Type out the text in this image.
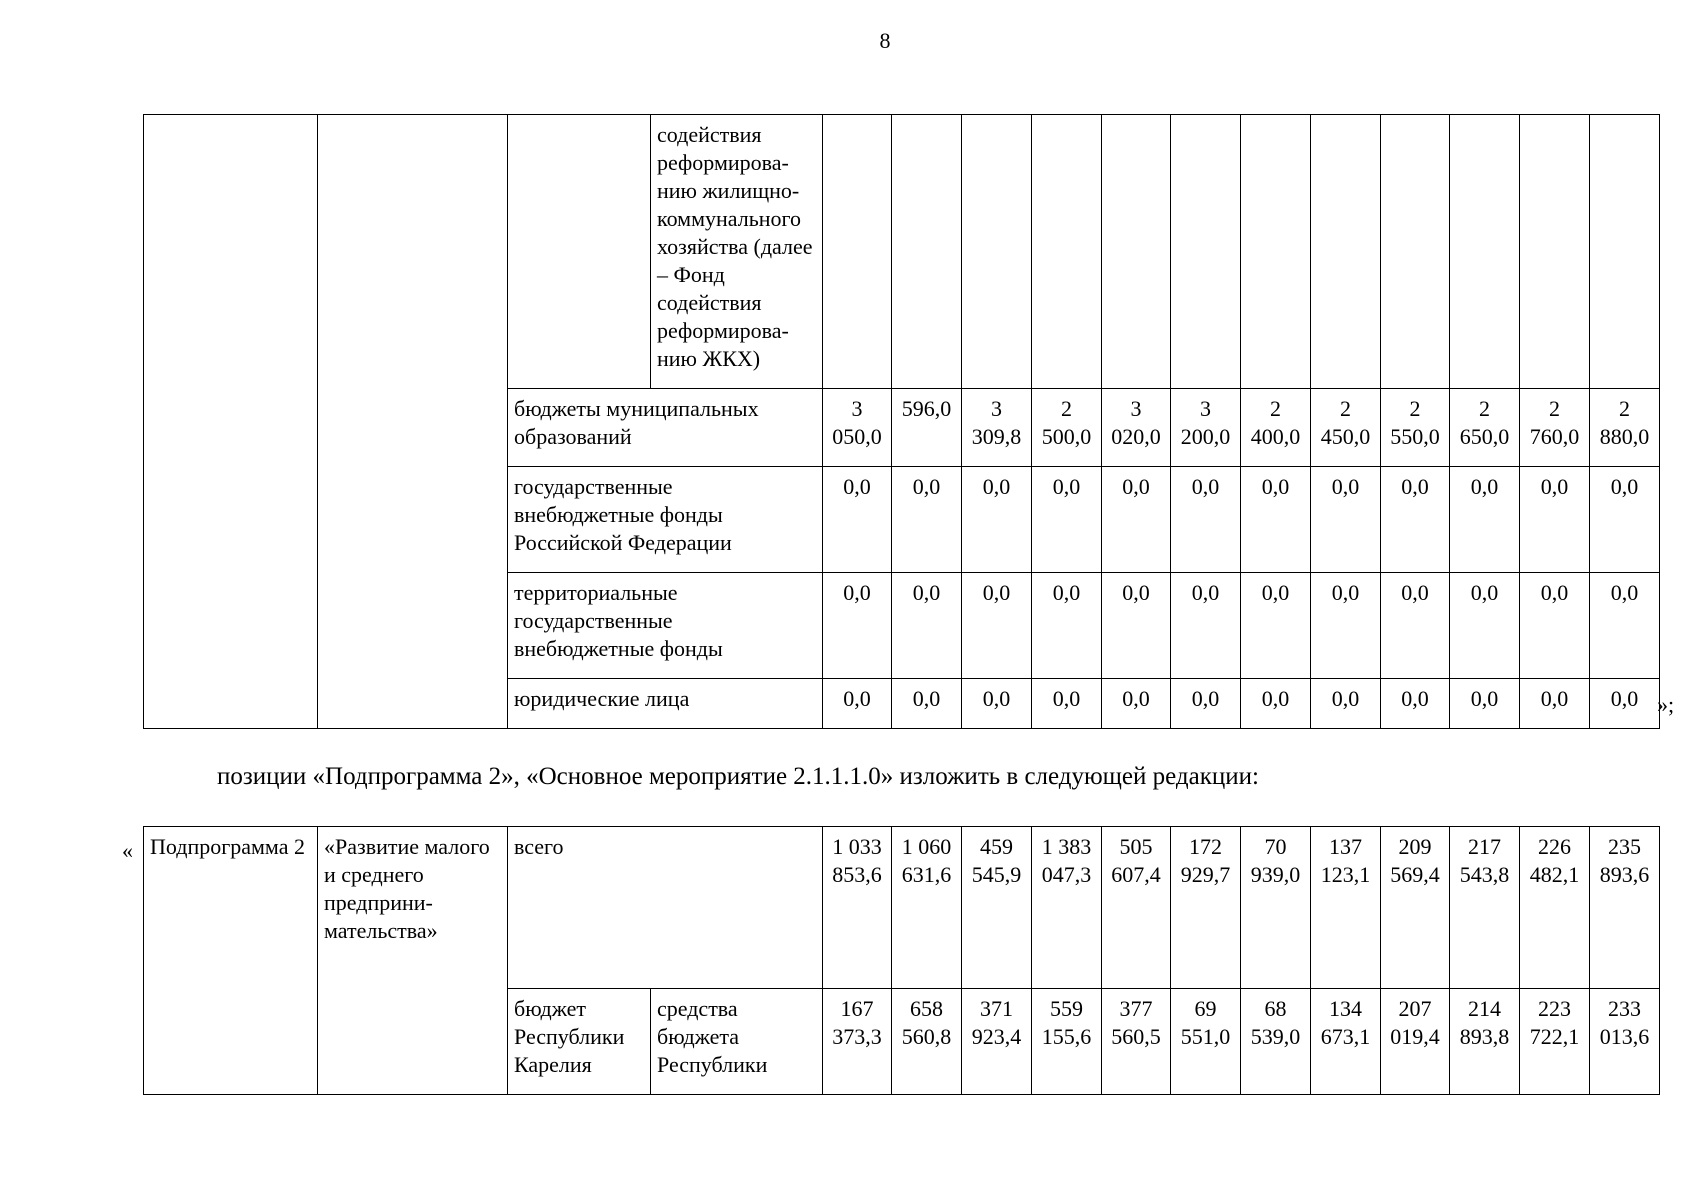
8
			содействия реформирова-нию жилищно-коммунального хозяйства (далее – Фонд содействия реформирова-нию ЖКХ)												
		бюджеты муниципальных образований		3 050,0	596,0	3 309,8	2 500,0	3 020,0	3 200,0	2 400,0	2 450,0	2 550,0	2 650,0	2 760,0	2 880,0
		государственные внебюджетные фонды Российской Федерации		0,0	0,0	0,0	0,0	0,0	0,0	0,0	0,0	0,0	0,0	0,0	0,0
		территориальные государственные внебюджетные фонды		0,0	0,0	0,0	0,0	0,0	0,0	0,0	0,0	0,0	0,0	0,0	0,0
		юридические лица		0,0	0,0	0,0	0,0	0,0	0,0	0,0	0,0	0,0	0,0	0,0	0,0 »;
позиции «Подпрограмма 2», «Основное мероприятие 2.1.1.1.0» изложить в следующей редакции:
« Подпрограмма 2	«Развитие малого и среднего предприни-мательства»	всего		1 033 853,6	1 060 631,6	459 545,9	1 383 047,3	505 607,4	172 929,7	70 939,0	137 123,1	209 569,4	217 543,8	226 482,1	235 893,6
		бюджет Республики Карелия	средства бюджета Республики	167 373,3	658 560,8	371 923,4	559 155,6	377 560,5	69 551,0	68 539,0	134 673,1	207 019,4	214 893,8	223 722,1	233 013,6
